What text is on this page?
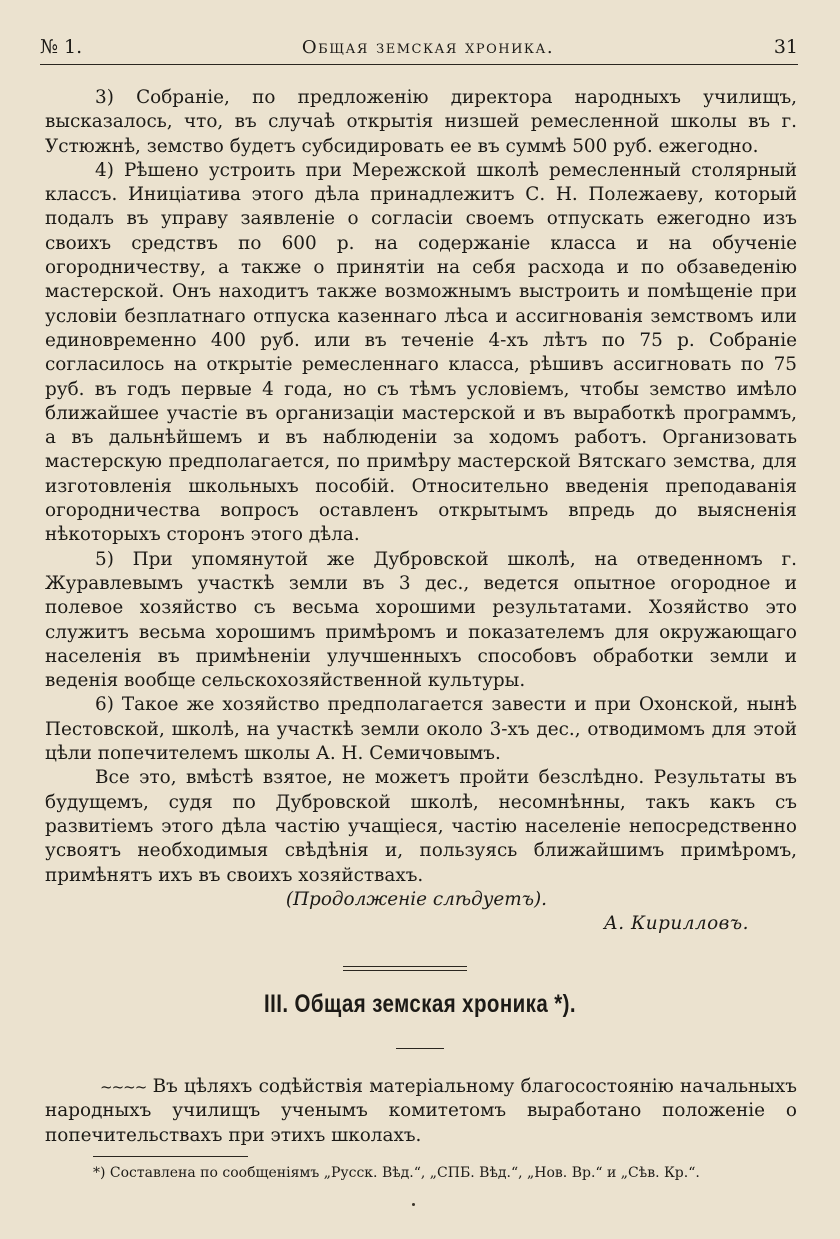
№ 1.	Общая земская хроника.	31

3) Собраніе, по предложенію директора народныхъ училищъ, высказалось, что, въ случаѣ открытія низшей ремесленной школы въ г. Устюжнѣ, земство будетъ субсидировать ее въ суммѣ 500 руб. ежегодно.

4) Рѣшено устроить при Мережской школѣ ремесленный столярный классъ. Иниціатива этого дѣла принадлежитъ С. Н. Полежаеву, который подалъ въ управу заявленіе о согласіи своемъ отпускать ежегодно изъ своихъ средствъ по 600 р. на содержаніе класса и на обученіе огородничеству, а также о принятіи на себя расхода и по обзаведенію мастерской. Онъ находитъ также возможнымъ выстроить и помѣщеніе при условіи безплатнаго отпуска казеннаго лѣса и ассигнованія земствомъ или единовременно 400 руб. или въ теченіе 4-хъ лѣтъ по 75 р. Собраніе согласилось на открытіе ремесленнаго класса, рѣшивъ ассигновать по 75 руб. въ годъ первые 4 года, но съ тѣмъ условіемъ, чтобы земство имѣло ближайшее участіе въ организаціи мастерской и въ выработкѣ программъ, а въ дальнѣйшемъ и въ наблюденіи за ходомъ работъ. Организовать мастерскую предполагается, по примѣру мастерской Вятскаго земства, для изготовленія школьныхъ пособій. Относительно введенія преподаванія огородничества вопросъ оставленъ открытымъ впредь до выясненія нѣкоторыхъ сторонъ этого дѣла.

5) При упомянутой же Дубровской школѣ, на отведенномъ г. Журавлевымъ участкѣ земли въ 3 дес., ведется опытное огородное и полевое хозяйство съ весьма хорошими результатами. Хозяйство это служитъ весьма хорошимъ примѣромъ и показателемъ для окружающаго населенія въ примѣненіи улучшенныхъ способовъ обработки земли и веденія вообще сельскохозяйственной культуры.

6) Такое же хозяйство предполагается завести и при Охонской, нынѣ Пестовской, школѣ, на участкѣ земли около 3-хъ дес., отводимомъ для этой цѣли попечителемъ школы А. Н. Семичовымъ.

Все это, вмѣстѣ взятое, не можетъ пройти безслѣдно. Результаты въ будущемъ, судя по Дубровской школѣ, несомнѣнны, такъ какъ съ развитіемъ этого дѣла частію учащіеся, частію населеніе непосредственно усвоятъ необходимыя свѣдѣнія и, пользуясь ближайшимъ примѣромъ, примѣнятъ ихъ въ своихъ хозяйствахъ.

(Продолженіе слѣдуетъ).

А. Кирилловъ.

III. Общая земская хроника *).

~~~~ Въ цѣляхъ содѣйствія матеріальному благосостоянію начальныхъ народныхъ училищъ ученымъ комитетомъ выработано положеніе о попечительствахъ при этихъ школахъ.

*) Составлена по сообщеніямъ „Русск. Вѣд.“, „СПБ. Вѣд.“, „Нов. Вр.“ и „Сѣв. Кр.“.
